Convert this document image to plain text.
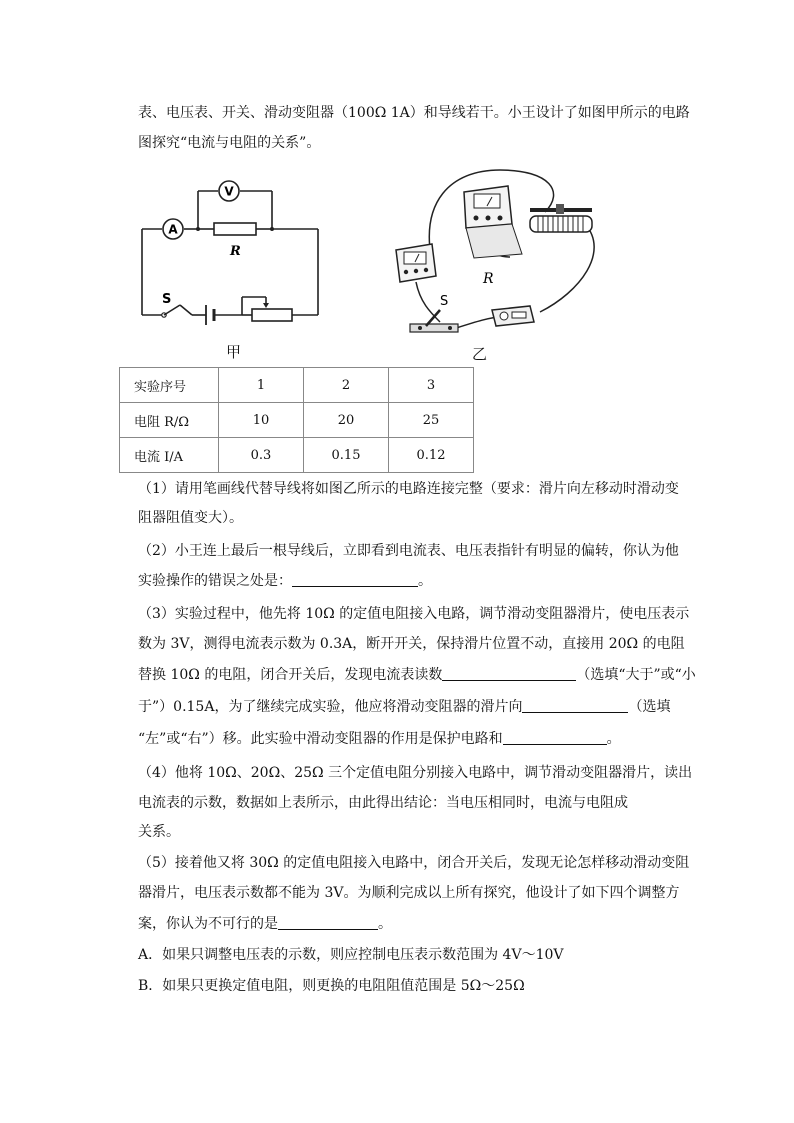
表、电压表、开关、滑动变阻器（100Ω 1A）和导线若干。小王设计了如图甲所示的电路
图探究“电流与电阻的关系”。
A
V
R
S
甲
R
S
乙
实验序号	1	2	3
电阻 R/Ω	10	20	25
电流 I/A	0.3	0.15	0.12
（1）请用笔画线代替导线将如图乙所示的电路连接完整（要求：滑片向左移动时滑动变
阻器阻值变大）。
（2）小王连上最后一根导线后，立即看到电流表、电压表指针有明显的偏转，你认为他
实验操作的错误之处是：	。
（3）实验过程中，他先将 10Ω 的定值电阻接入电路，调节滑动变阻器滑片，使电压表示
数为 3V，测得电流表示数为 0.3A，断开开关，保持滑片位置不动，直接用 20Ω 的电阻
替换 10Ω 的电阻，闭合开关后，发现电流表读数	（选填“大于”或“小
于”）0.15A，为了继续完成实验，他应将滑动变阻器的滑片向	（选填
“左”或“右”）移。此实验中滑动变阻器的作用是保护电路和	。
（4）他将 10Ω、20Ω、25Ω 三个定值电阻分别接入电路中，调节滑动变阻器滑片，读出
电流表的示数，数据如上表所示，由此得出结论：当电压相同时，电流与电阻成
关系。
（5）接着他又将 30Ω 的定值电阻接入电路中，闭合开关后，发现无论怎样移动滑动变阻
器滑片，电压表示数都不能为 3V。为顺利完成以上所有探究，他设计了如下四个调整方
案，你认为不可行的是	。
A．如果只调整电压表的示数，则应控制电压表示数范围为 4V～10V
B．如果只更换定值电阻，则更换的电阻阻值范围是 5Ω～25Ω
